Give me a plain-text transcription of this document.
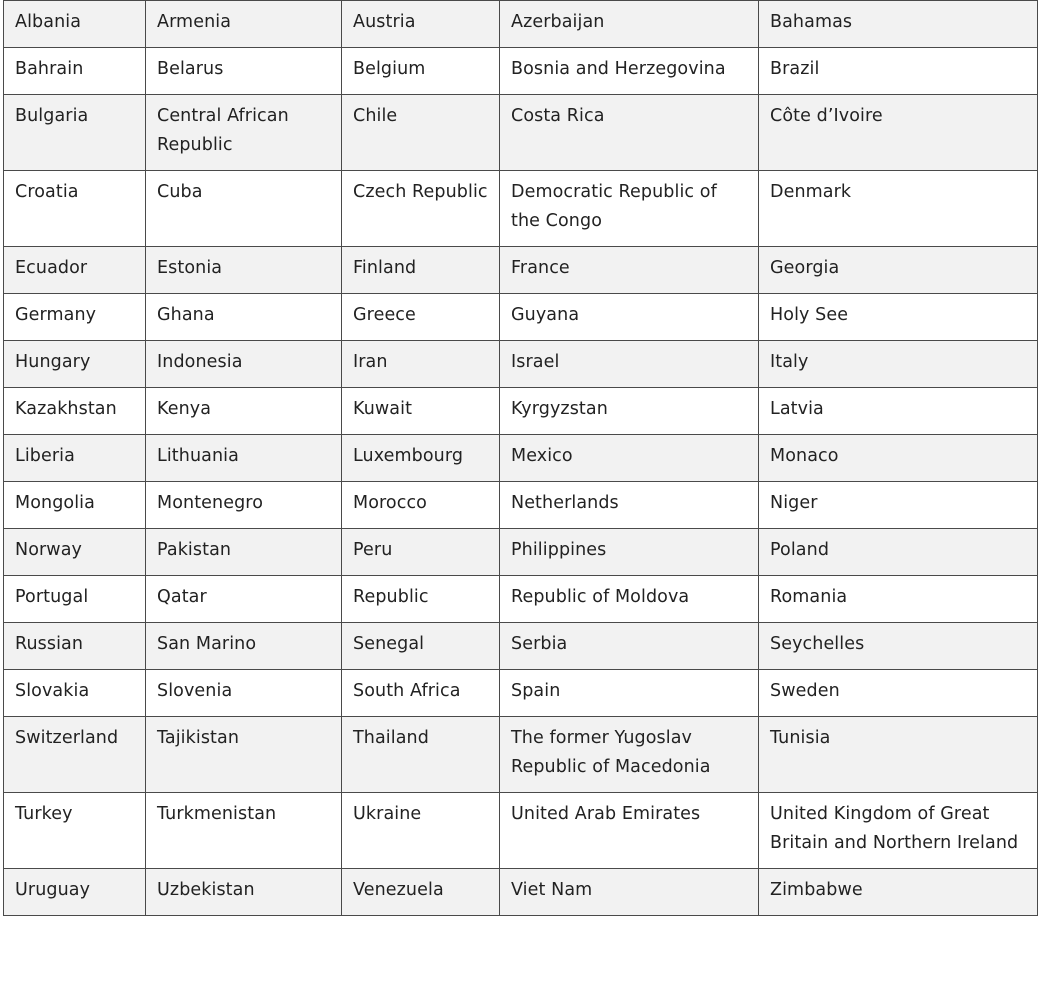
Albania	Armenia	Austria	Azerbaijan	Bahamas
Bahrain	Belarus	Belgium	Bosnia and Herzegovina	Brazil
Bulgaria	Central African Republic	Chile	Costa Rica	Côte d’Ivoire
Croatia	Cuba	Czech Republic	Democratic Republic of the Congo	Denmark
Ecuador	Estonia	Finland	France	Georgia
Germany	Ghana	Greece	Guyana	Holy See
Hungary	Indonesia	Iran	Israel	Italy
Kazakhstan	Kenya	Kuwait	Kyrgyzstan	Latvia
Liberia	Lithuania	Luxembourg	Mexico	Monaco
Mongolia	Montenegro	Morocco	Netherlands	Niger
Norway	Pakistan	Peru	Philippines	Poland
Portugal	Qatar	Republic	Republic of Moldova	Romania
Russian	San Marino	Senegal	Serbia	Seychelles
Slovakia	Slovenia	South Africa	Spain	Sweden
Switzerland	Tajikistan	Thailand	The former Yugoslav Republic of Macedonia	Tunisia
Turkey	Turkmenistan	Ukraine	United Arab Emirates	United Kingdom of Great Britain and Northern Ireland
Uruguay	Uzbekistan	Venezuela	Viet Nam	Zimbabwe
